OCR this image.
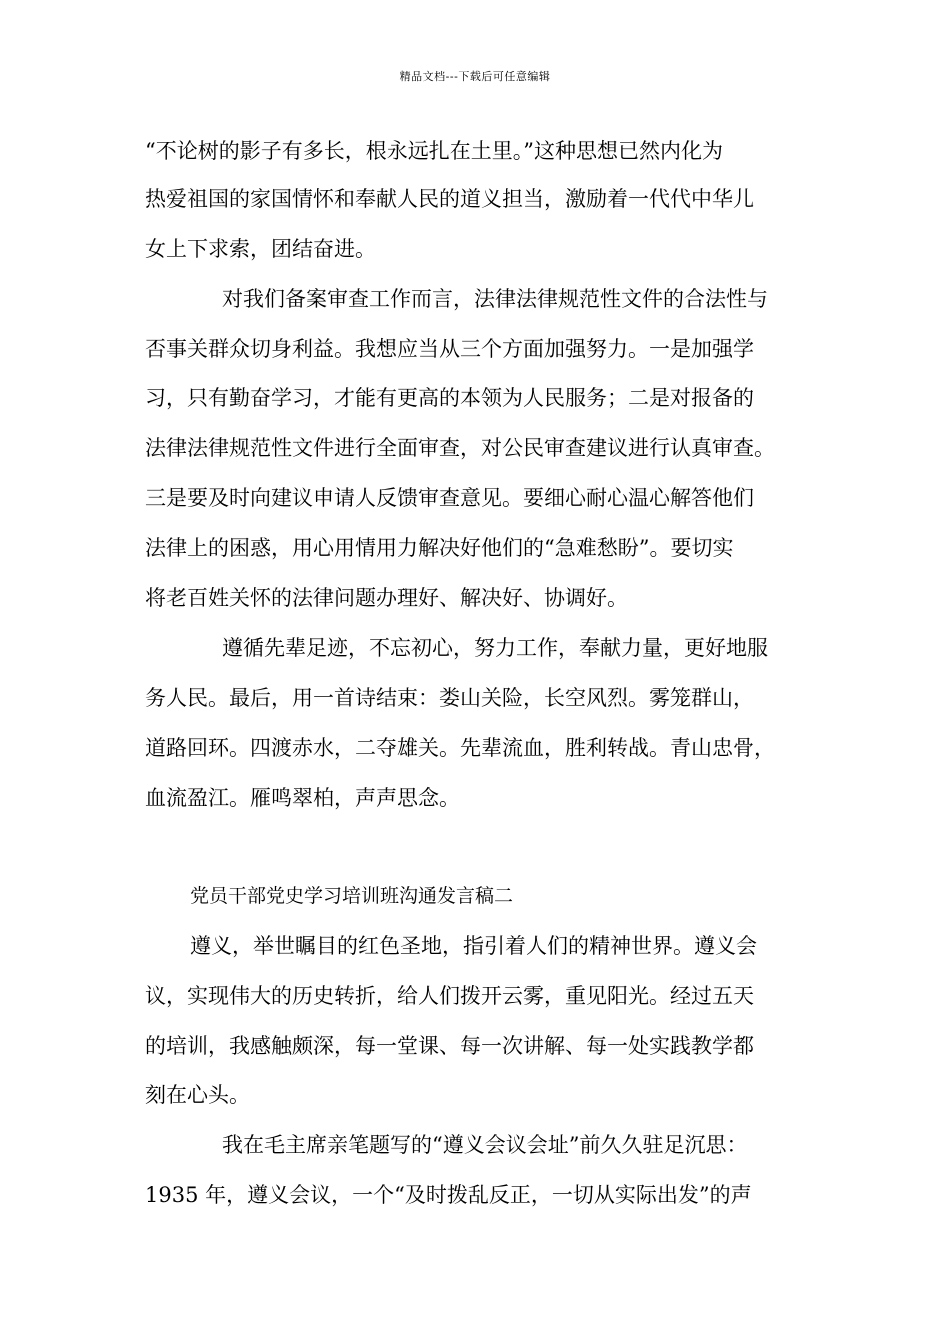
精品文档---下载后可任意编辑
“不论树的影子有多长，根永远扎在土里。”这种思想已然内化为
热爱祖国的家国情怀和奉献人民的道义担当，激励着一代代中华儿
女上下求索，团结奋进。
对我们备案审查工作而言，法律法律规范性文件的合法性与
否事关群众切身利益。我想应当从三个方面加强努力。一是加强学
习，只有勤奋学习，才能有更高的本领为人民服务；二是对报备的
法律法律规范性文件进行全面审查，对公民审查建议进行认真审查。
三是要及时向建议申请人反馈审查意见。要细心耐心温心解答他们
法律上的困惑，用心用情用力解决好他们的“急难愁盼”。要切实
将老百姓关怀的法律问题办理好、解决好、协调好。
遵循先辈足迹，不忘初心，努力工作，奉献力量，更好地服
务人民。最后，用一首诗结束：娄山关险，长空风烈。雾笼群山，
道路回环。四渡赤水，二夺雄关。先辈流血，胜利转战。青山忠骨，
血流盈江。雁鸣翠柏，声声思念。
党员干部党史学习培训班沟通发言稿二
遵义，举世瞩目的红色圣地，指引着人们的精神世界。遵义会
议，实现伟大的历史转折，给人们拨开云雾，重见阳光。经过五天
的培训，我感触颇深，每一堂课、每一次讲解、每一处实践教学都
刻在心头。
我在毛主席亲笔题写的“遵义会议会址”前久久驻足沉思：
1935 年，遵义会议，一个“及时拨乱反正，一切从实际出发”的声
